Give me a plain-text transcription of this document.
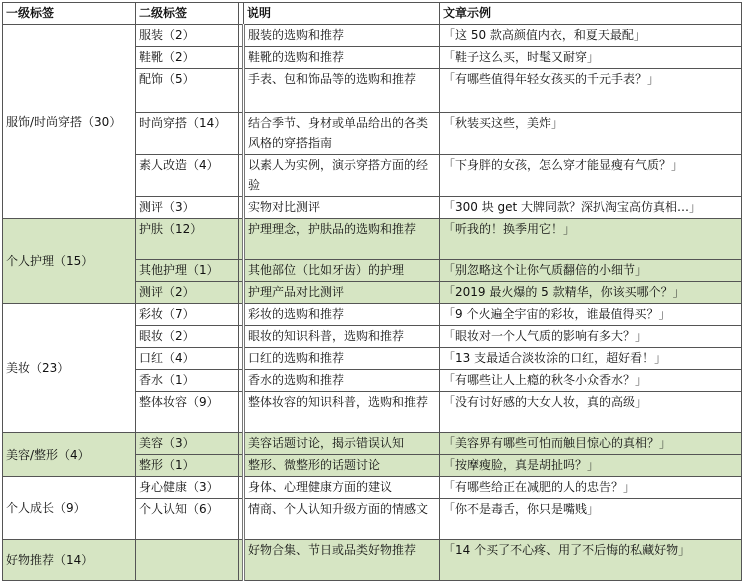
一级标签	二级标签		说明	文章示例
服饰/时尚穿搭（30）	服装（2）		服装的选购和推荐	「这 50 款高颜值内衣，和夏天最配」
	鞋靴（2）		鞋靴的选购和推荐	「鞋子这么买，时髦又耐穿」
	配饰（5）		手表、包和饰品等的选购和推荐	「有哪些值得年轻女孩买的千元手表？」
	时尚穿搭（14）		结合季节、身材或单品给出的各类风格的穿搭指南	「秋装买这些，美炸」
	素人改造（4）		以素人为实例，演示穿搭方面的经验	「下身胖的女孩，怎么穿才能显瘦有气质？」
	测评（3）		实物对比测评	「300 块 get 大牌同款？深扒淘宝高仿真相…」
个人护理（15）	护肤（12）		护理理念，护肤品的选购和推荐	「听我的！换季用它！」
	其他护理（1）		其他部位（比如牙齿）的护理	「别忽略这个让你气质翻倍的小细节」
	测评（2）		护理产品对比测评	「2019 最火爆的 5 款精华，你该买哪个？」
美妆（23）	彩妆（7）		彩妆的选购和推荐	「9 个火遍全宇宙的彩妆，谁最值得买？」
	眼妆（2）		眼妆的知识科普，选购和推荐	「眼妆对一个人气质的影响有多大？」
	口红（4）		口红的选购和推荐	「13 支最适合淡妆涂的口红，超好看！」
	香水（1）		香水的选购和推荐	「有哪些让人上瘾的秋冬小众香水？」
	整体妆容（9）		整体妆容的知识科普，选购和推荐	「没有讨好感的大女人妆，真的高级」
美容/整形（4）	美容（3）		美容话题讨论，揭示错误认知	「美容界有哪些可怕而触目惊心的真相？」
	整形（1）		整形、微整形的话题讨论	「按摩瘦脸，真是胡扯吗？」
个人成长（9）	身心健康（3）		身体、心理健康方面的建议	「有哪些给正在减肥的人的忠告？」
	个人认知（6）		情商、个人认知升级方面的情感文	「你不是毒舌，你只是嘴贱」
好物推荐（14）			好物合集、节日或品类好物推荐	「14 个买了不心疼、用了不后悔的私藏好物」
